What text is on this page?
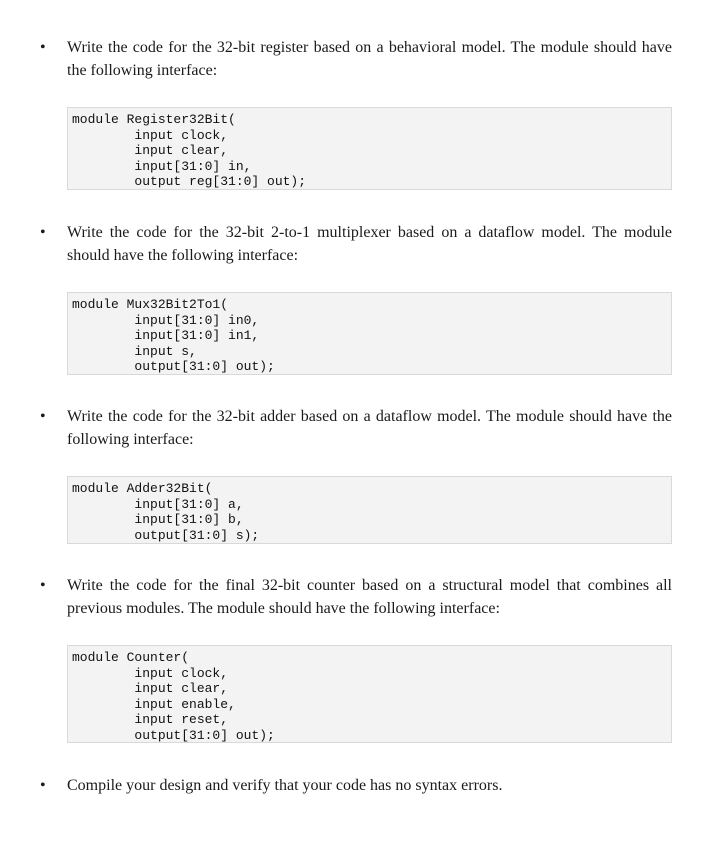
• Write the code for the 32-bit register based on a behavioral model. The module should have the following interface:

module Register32Bit(
input clock,
input clear,
input[31:0] in,
output reg[31:0] out);
• Write the code for the 32-bit 2-to-1 multiplexer based on a dataflow model. The module should have the following interface:

module Mux32Bit2To1(
input[31:0] in0,
input[31:0] in1,
input s,
output[31:0] out);
• Write the code for the 32-bit adder based on a dataflow model. The module should have the following interface:

module Adder32Bit(
input[31:0] a,
input[31:0] b,
output[31:0] s);
• Write the code for the final 32-bit counter based on a structural model that combines all previous modules. The module should have the following interface:

module Counter(
input clock,
input clear,
input enable,
input reset,
output[31:0] out);
• Compile your design and verify that your code has no syntax errors.
